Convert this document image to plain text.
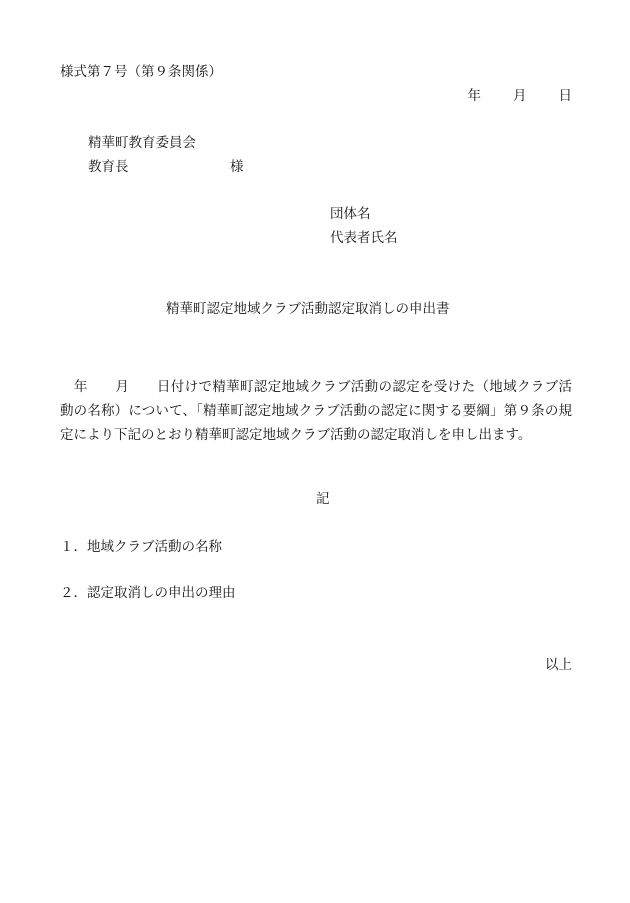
様式第７号（第９条関係）
年 月 日
精華町教育委員会
教育長	様
団体名
代表者氏名
精華町認定地域クラブ活動認定取消しの申出書
　年　　月　　日付けで精華町認定地域クラブ活動の認定を受けた（地域クラブ活動の名称）について、「精華町認定地域クラブ活動の認定に関する要綱」第９条の規定により下記のとおり精華町認定地域クラブ活動の認定取消しを申し出ます。
記
１．地域クラブ活動の名称
２．認定取消しの申出の理由
以上
